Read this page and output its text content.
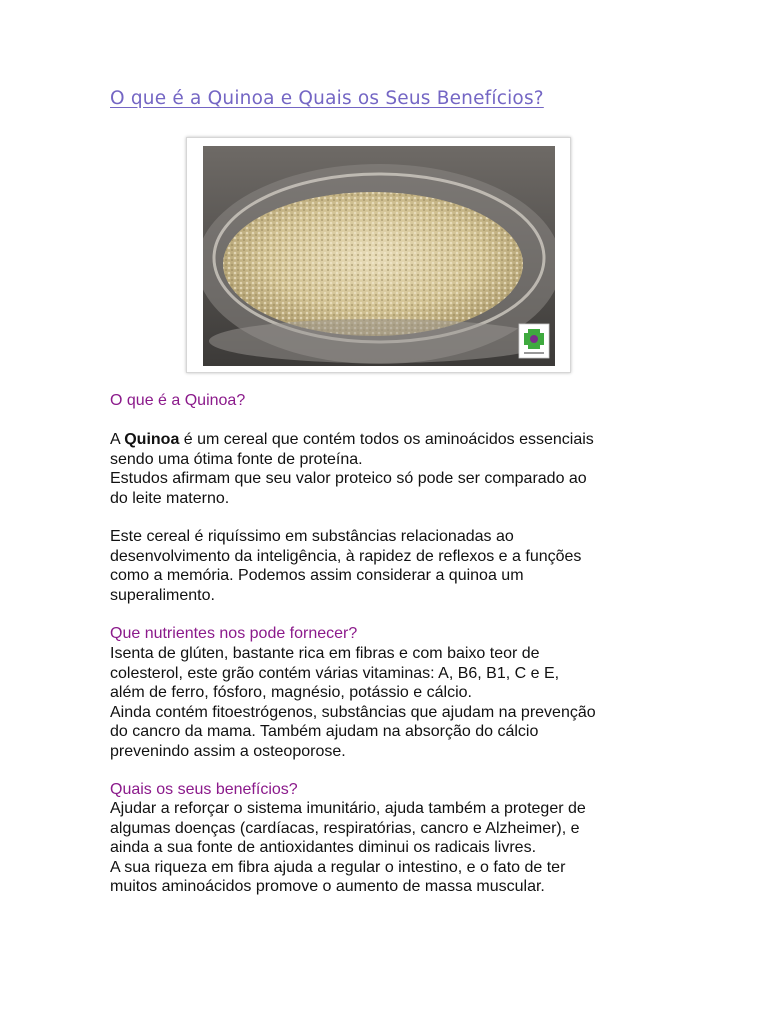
O que é a Quinoa e Quais os Seus Benefícios?
O que é a Quinoa?

A Quinoa é um cereal que contém todos os aminoácidos essenciais
sendo uma ótima fonte de proteína.
Estudos afirmam que seu valor proteico só pode ser comparado ao
do leite materno.

Este cereal é riquíssimo em substâncias relacionadas ao
desenvolvimento da inteligência, à rapidez de reflexos e a funções
como a memória. Podemos assim considerar a quinoa um
superalimento.

Que nutrientes nos pode fornecer?

Isenta de glúten, bastante rica em fibras e com baixo teor de
colesterol, este grão contém várias vitaminas: A, B6, B1, C e E,
além de ferro, fósforo, magnésio, potássio e cálcio.
Ainda contém fitoestrógenos, substâncias que ajudam na prevenção
do cancro da mama. Também ajudam na absorção do cálcio
prevenindo assim a osteoporose.

Quais os seus benefícios?

Ajudar a reforçar o sistema imunitário, ajuda também a proteger de
algumas doenças (cardíacas, respiratórias, cancro e Alzheimer), e
ainda a sua fonte de antioxidantes diminui os radicais livres.
A sua riqueza em fibra ajuda a regular o intestino, e o fato de ter
muitos aminoácidos promove o aumento de massa muscular.
